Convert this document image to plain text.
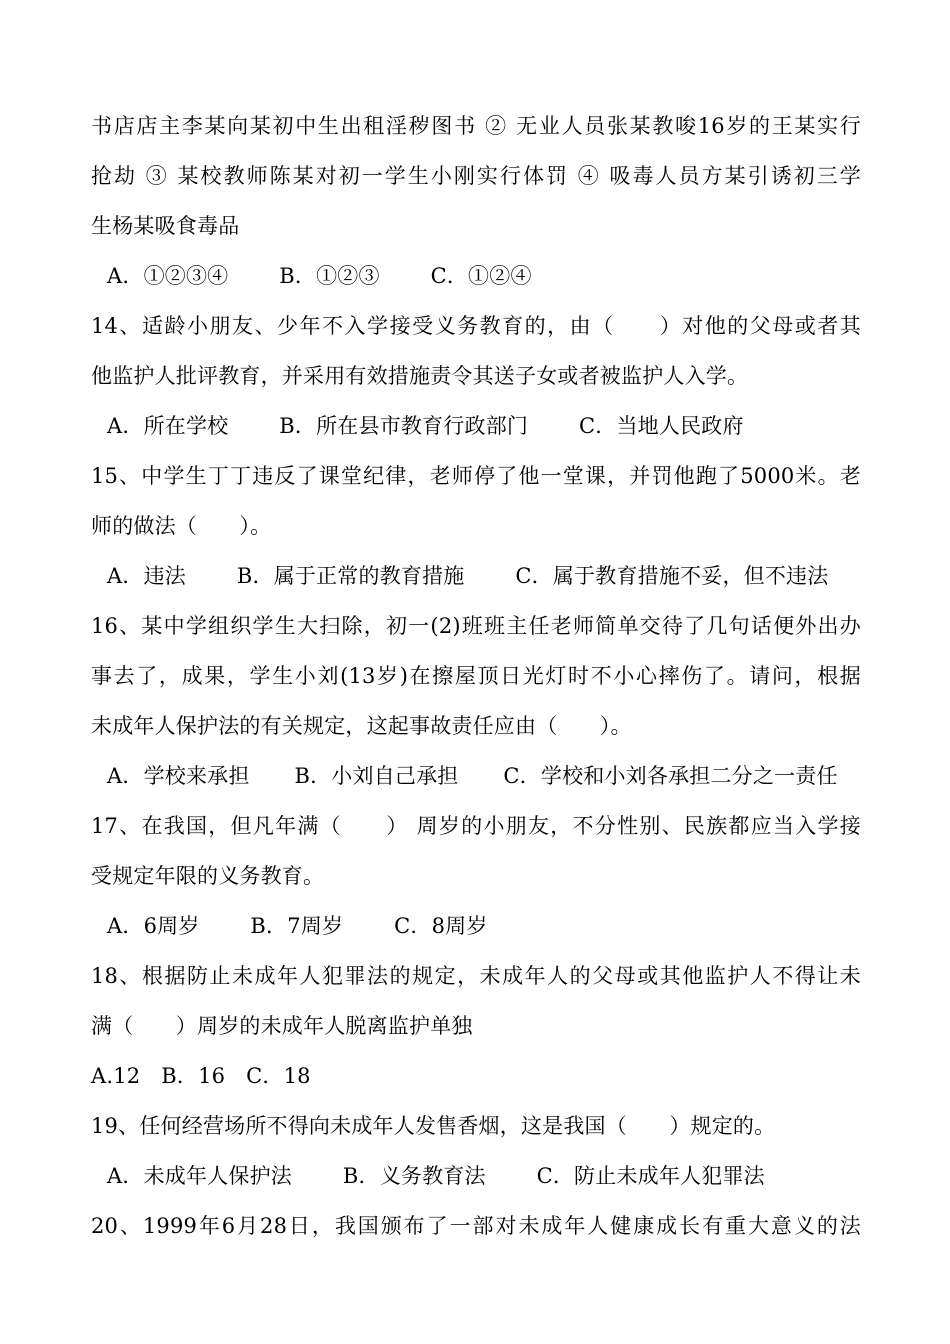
书店店主李某向某初中生出租淫秽图书 ② 无业人员张某教唆16岁的王某实行
抢劫 ③ 某校教师陈某对初一学生小刚实行体罚 ④ 吸毒人员方某引诱初三学
生杨某吸食毒品
A．①②③④ B．①②③ C．①②④
14、适龄小朋友、少年不入学接受义务教育的，由（　　）对他的父母或者其
他监护人批评教育，并采用有效措施责令其送子女或者被监护人入学。
A．所在学校 B．所在县市教育行政部门 C．当地人民政府
15、中学生丁丁违反了课堂纪律，老师停了他一堂课，并罚他跑了5000米。老
师的做法（　　）。
A．违法 B．属于正常的教育措施 C．属于教育措施不妥，但不违法
16、某中学组织学生大扫除，初一(2)班班主任老师简单交待了几句话便外出办
事去了，成果，学生小刘(13岁)在擦屋顶日光灯时不小心摔伤了。请问，根据
未成年人保护法的有关规定，这起事故责任应由（　　）。
A．学校来承担 B．小刘自己承担 C．学校和小刘各承担二分之一责任
17、在我国，但凡年满（　　） 周岁的小朋友，不分性别、民族都应当入学接
受规定年限的义务教育。
A．6周岁 B．7周岁 C．8周岁
18、根据防止未成年人犯罪法的规定，未成年人的父母或其他监护人不得让未
满（　　）周岁的未成年人脱离监护单独
A.12 B．16 C．18
19、任何经营场所不得向未成年人发售香烟，这是我国（　　）规定的。
A．未成年人保护法 B．义务教育法 C．防止未成年人犯罪法
20、1999年6月28日，我国颁布了一部对未成年人健康成长有重大意义的法
